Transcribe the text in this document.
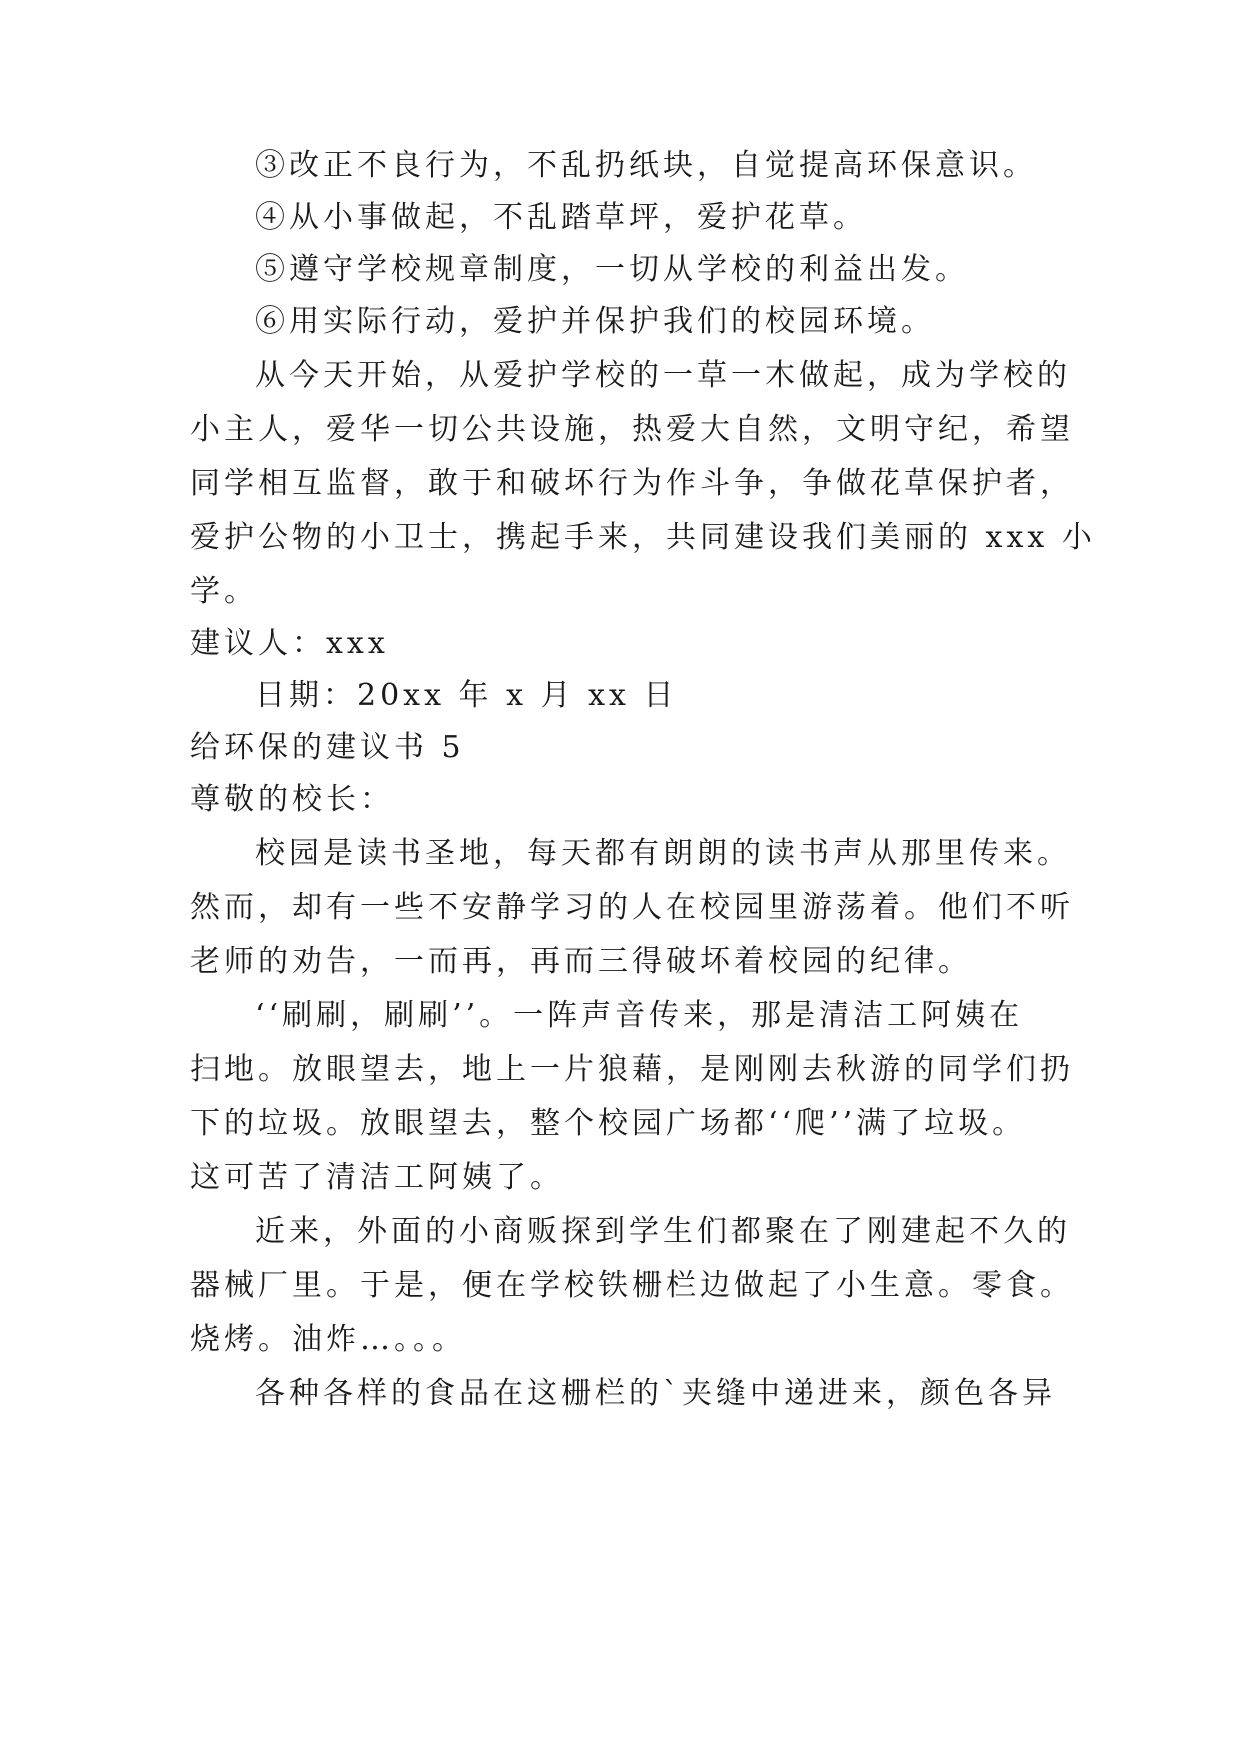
③改正不良行为，不乱扔纸块，自觉提高环保意识。
④从小事做起，不乱踏草坪，爱护花草。
⑤遵守学校规章制度，一切从学校的利益出发。
⑥用实际行动，爱护并保护我们的校园环境。
从今天开始，从爱护学校的一草一木做起，成为学校的
小主人，爱华一切公共设施，热爱大自然，文明守纪，希望
同学相互监督，敢于和破坏行为作斗争，争做花草保护者，
爱护公物的小卫士，携起手来，共同建设我们美丽的 xxx 小
学。
建议人：xxx
日期：20xx 年 x 月 xx 日
给环保的建议书 5
尊敬的校长：
校园是读书圣地，每天都有朗朗的读书声从那里传来。
然而，却有一些不安静学习的人在校园里游荡着。他们不听
老师的劝告，一而再，再而三得破坏着校园的纪律。
‘‘刷刷，刷刷’’。一阵声音传来，那是清洁工阿姨在
扫地。放眼望去，地上一片狼藉，是刚刚去秋游的同学们扔
下的垃圾。放眼望去，整个校园广场都‘‘爬’’满了垃圾。
这可苦了清洁工阿姨了。
近来，外面的小商贩探到学生们都聚在了刚建起不久的
器械厂里。于是，便在学校铁栅栏边做起了小生意。零食。
烧烤。油炸…。。。
各种各样的食品在这栅栏的`夹缝中递进来，颜色各异
